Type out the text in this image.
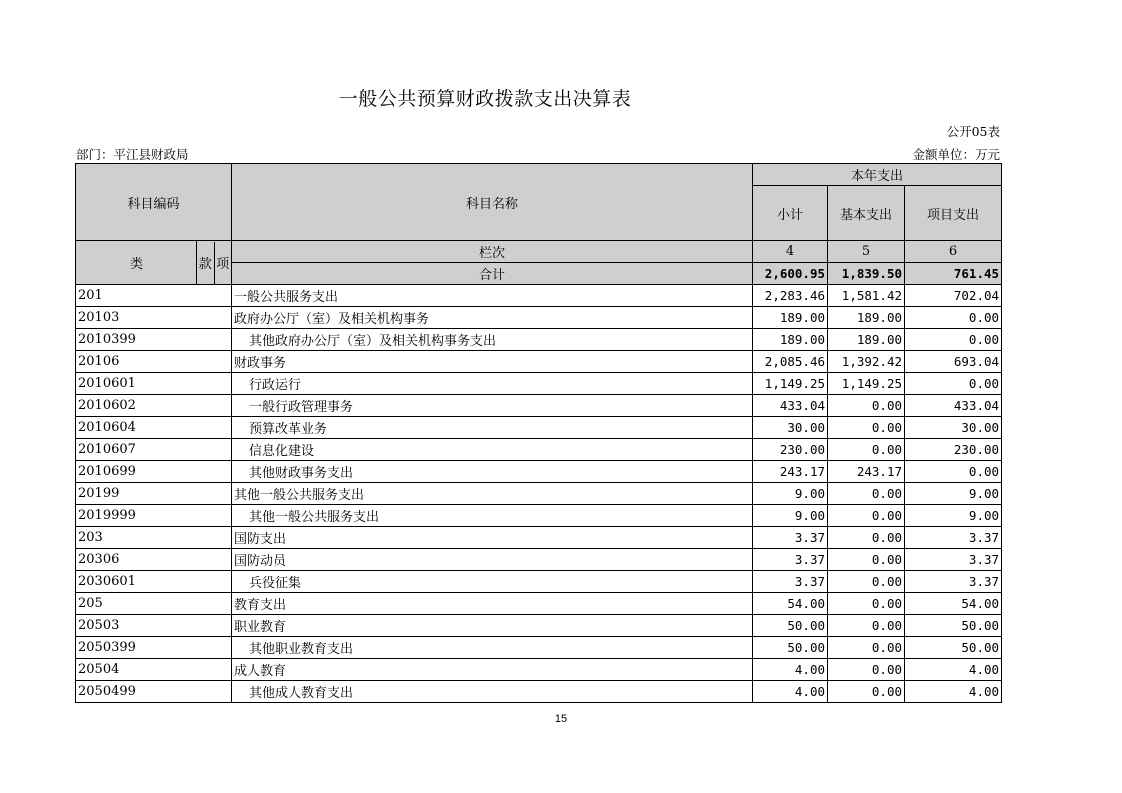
一般公共预算财政拨款支出决算表
公开05表
部门：平江县财政局	金额单位：万元
科目编码		科目名称	本年支出		
			小计	基本支出	项目支出

类	款 项	栏次	4	5	6
		合计	2,600.95	1,839.50	761.45
201		一般公共服务支出	2,283.46	1,581.42	702.04
20103		政府办公厅（室）及相关机构事务	189.00	189.00	0.00
2010399		其他政府办公厅（室）及相关机构事务支出	189.00	189.00	0.00
20106		财政事务	2,085.46	1,392.42	693.04
2010601		行政运行	1,149.25	1,149.25	0.00
2010602		一般行政管理事务	433.04	0.00	433.04
2010604		预算改革业务	30.00	0.00	30.00
2010607		信息化建设	230.00	0.00	230.00
2010699		其他财政事务支出	243.17	243.17	0.00
20199		其他一般公共服务支出	9.00	0.00	9.00
2019999		其他一般公共服务支出	9.00	0.00	9.00
203		国防支出	3.37	0.00	3.37
20306		国防动员	3.37	0.00	3.37
2030601		兵役征集	3.37	0.00	3.37
205		教育支出	54.00	0.00	54.00
20503		职业教育	50.00	0.00	50.00
2050399		其他职业教育支出	50.00	0.00	50.00
20504		成人教育	4.00	0.00	4.00
2050499		其他成人教育支出	4.00	0.00	4.00
15
